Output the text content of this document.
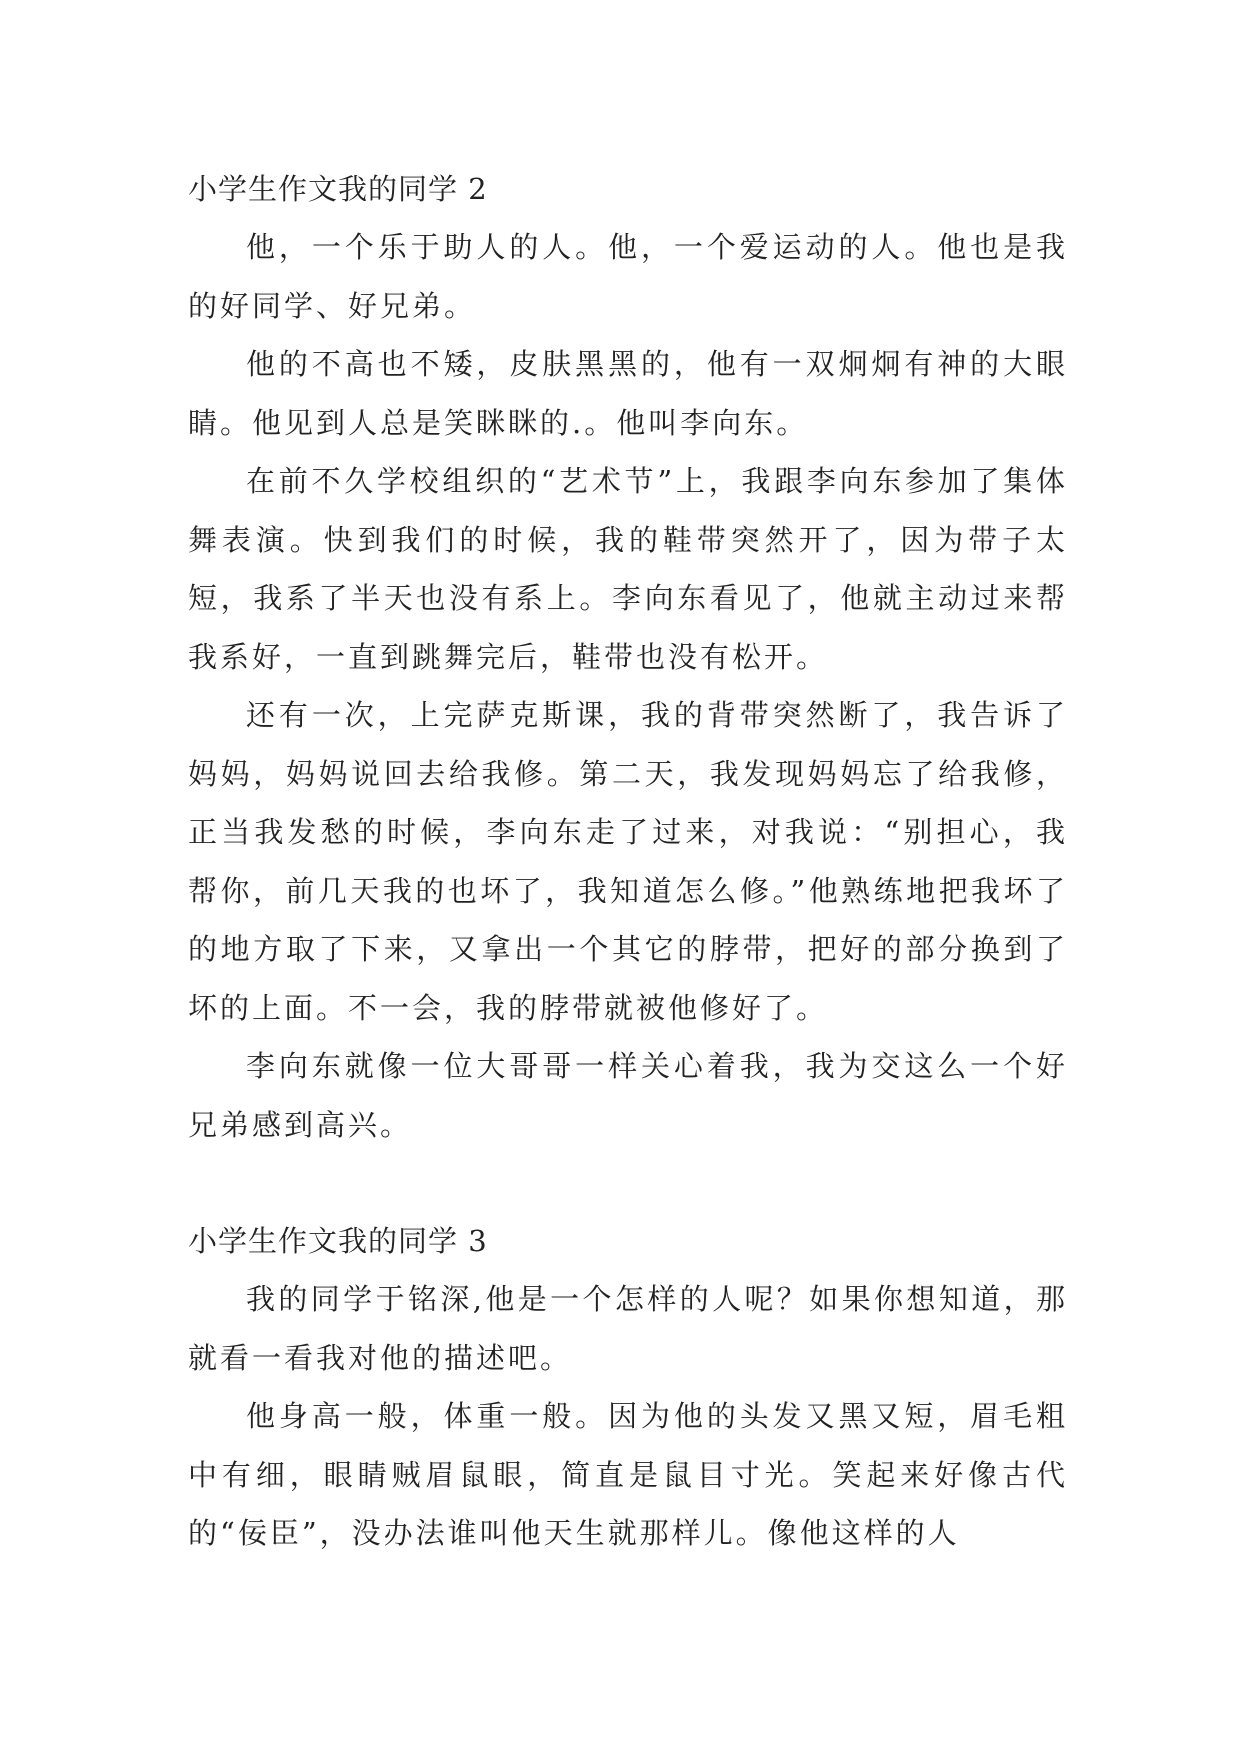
小学生作文我的同学 2

他，一个乐于助人的人。他，一个爱运动的人。他也是我的好同学、好兄弟。

他的不高也不矮，皮肤黑黑的，他有一双炯炯有神的大眼睛。他见到人总是笑眯眯的.。他叫李向东。

在前不久学校组织的“艺术节”上，我跟李向东参加了集体舞表演。快到我们的时候，我的鞋带突然开了，因为带子太短，我系了半天也没有系上。李向东看见了，他就主动过来帮我系好，一直到跳舞完后，鞋带也没有松开。

还有一次，上完萨克斯课，我的背带突然断了，我告诉了妈妈，妈妈说回去给我修。第二天，我发现妈妈忘了给我修，正当我发愁的时候，李向东走了过来，对我说：“别担心，我帮你，前几天我的也坏了，我知道怎么修。”他熟练地把我坏了的地方取了下来，又拿出一个其它的脖带，把好的部分换到了坏的上面。不一会，我的脖带就被他修好了。

李向东就像一位大哥哥一样关心着我，我为交这么一个好兄弟感到高兴。

小学生作文我的同学 3

我的同学于铭深,他是一个怎样的人呢？如果你想知道，那就看一看我对他的描述吧。

他身高一般，体重一般。因为他的头发又黑又短，眉毛粗中有细，眼睛贼眉鼠眼，简直是鼠目寸光。笑起来好像古代的“佞臣”，没办法谁叫他天生就那样儿。像他这样的人
